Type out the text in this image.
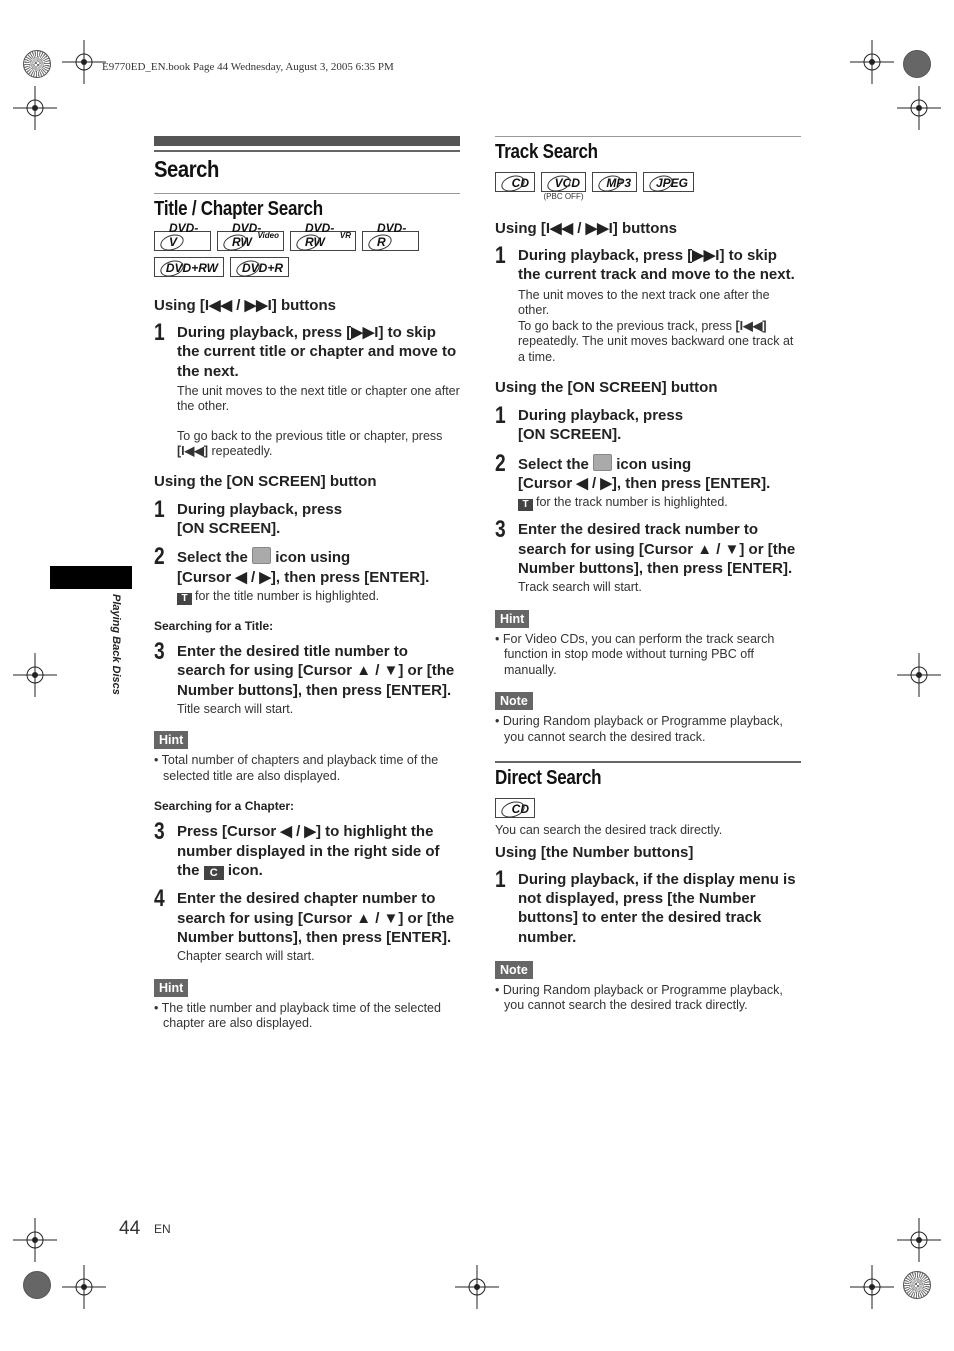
E9770ED_EN.book Page 44 Wednesday, August 3, 2005 6:35 PM
Playing Back Discs
Search
Title / Chapter Search
DVD-V	Video
DVD-RW	VR
DVD-RW
DVD-R
DVD+RW DVD+R
Using [I◀◀ / ▶▶I] buttons
1 During playback, press [▶▶I] to skip the current title or chapter and move to the next.
The unit moves to the next title or chapter one after the other.
To go back to the previous title or chapter, press
[I◀◀] repeatedly.
Using the [ON SCREEN] button
1 During playback, press
[ON SCREEN].
2 Select the  icon using
[Cursor ◀ / ▶], then press [ENTER].
T for the title number is highlighted.
Searching for a Title:
3 Enter the desired title number to search for using [Cursor ▲ / ▼] or [the Number buttons], then press [ENTER].
Title search will start.
Hint
• Total number of chapters and playback time of the selected title are also displayed.
Searching for a Chapter:
3 Press [Cursor ◀ / ▶] to highlight the number displayed in the right side of the C icon.
4 Enter the desired chapter number to search for using [Cursor ▲ / ▼] or [the Number buttons], then press [ENTER].
Chapter search will start.
Hint
• The title number and playback time of the selected chapter are also displayed.
Track Search
CD VCD
(PBC OFF)
MP3 JPEG
Using [I◀◀ / ▶▶I] buttons
1 During playback, press [▶▶I] to skip the current track and move to the next.
The unit moves to the next track one after the other.
To go back to the previous track, press [I◀◀] repeatedly. The unit moves backward one track at a time.
Using the [ON SCREEN] button
1 During playback, press
[ON SCREEN].
2 Select the  icon using
[Cursor ◀ / ▶], then press [ENTER].
T for the track number is highlighted.
3 Enter the desired track number to search for using [Cursor ▲ / ▼] or [the Number buttons], then press [ENTER].
Track search will start.
Hint
• For Video CDs, you can perform the track search function in stop mode without turning PBC off manually.
Note
• During Random playback or Programme playback, you cannot search the desired track.
Direct Search
CD
You can search the desired track directly.
Using [the Number buttons]
1 During playback, if the display menu is not displayed, press [the Number buttons] to enter the desired track number.
Note
• During Random playback or Programme playback, you cannot search the desired track directly.
44 EN
